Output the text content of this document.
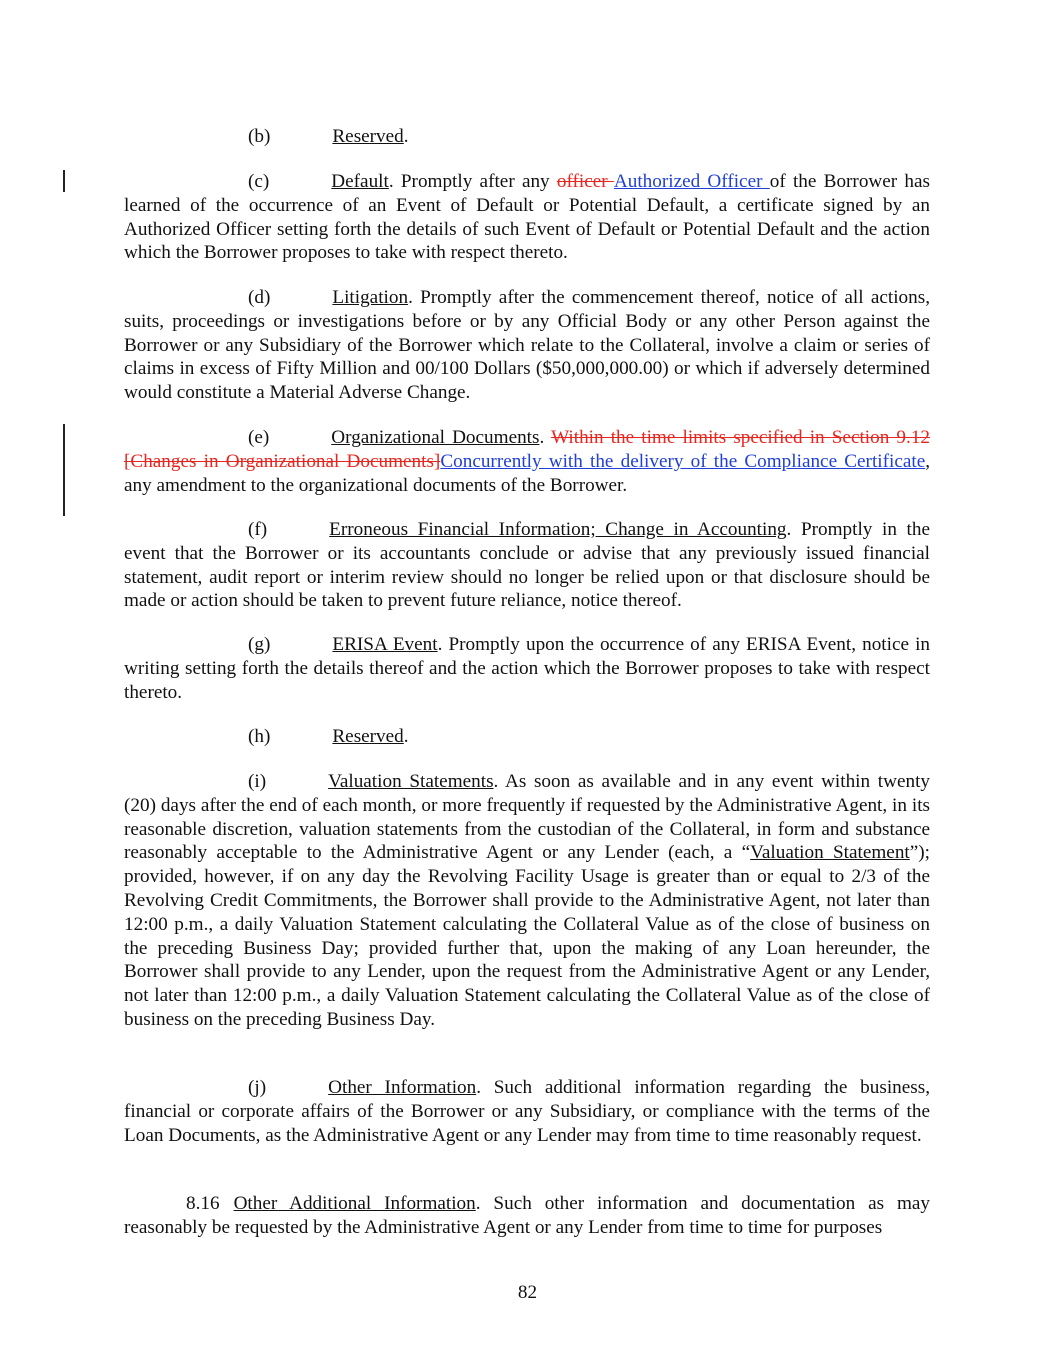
(b)	Reserved.

(c)	Default. Promptly after any officer Authorized Officer of the Borrower has learned of the occurrence of an Event of Default or Potential Default, a certificate signed by an Authorized Officer setting forth the details of such Event of Default or Potential Default and the action which the Borrower proposes to take with respect thereto.

(d)	Litigation. Promptly after the commencement thereof, notice of all actions, suits, proceedings or investigations before or by any Official Body or any other Person against the Borrower or any Subsidiary of the Borrower which relate to the Collateral, involve a claim or series of claims in excess of Fifty Million and 00/100 Dollars ($50,000,000.00) or which if adversely determined would constitute a Material Adverse Change.

(e)	Organizational Documents. Within the time limits specified in Section 9.12 [Changes in Organizational Documents]Concurrently with the delivery of the Compliance Certificate, any amendment to the organizational documents of the Borrower.

(f)	Erroneous Financial Information; Change in Accounting. Promptly in the event that the Borrower or its accountants conclude or advise that any previously issued financial statement, audit report or interim review should no longer be relied upon or that disclosure should be made or action should be taken to prevent future reliance, notice thereof.

(g)	ERISA Event. Promptly upon the occurrence of any ERISA Event, notice in writing setting forth the details thereof and the action which the Borrower proposes to take with respect thereto.

(h)	Reserved.

(i)	Valuation Statements. As soon as available and in any event within twenty (20) days after the end of each month, or more frequently if requested by the Administrative Agent, in its reasonable discretion, valuation statements from the custodian of the Collateral, in form and substance reasonably acceptable to the Administrative Agent or any Lender (each, a “Valuation Statement”); provided, however, if on any day the Revolving Facility Usage is greater than or equal to 2/3 of the Revolving Credit Commitments, the Borrower shall provide to the Administrative Agent, not later than 12:00 p.m., a daily Valuation Statement calculating the Collateral Value as of the close of business on the preceding Business Day; provided further that, upon the making of any Loan hereunder, the Borrower shall provide to any Lender, upon the request from the Administrative Agent or any Lender, not later than 12:00 p.m., a daily Valuation Statement calculating the Collateral Value as of the close of business on the preceding Business Day.

(j)	Other Information. Such additional information regarding the business, financial or corporate affairs of the Borrower or any Subsidiary, or compliance with the terms of the Loan Documents, as the Administrative Agent or any Lender may from time to time reasonably request.

8.16 Other Additional Information. Such other information and documentation as may reasonably be requested by the Administrative Agent or any Lender from time to time for purposes

82
